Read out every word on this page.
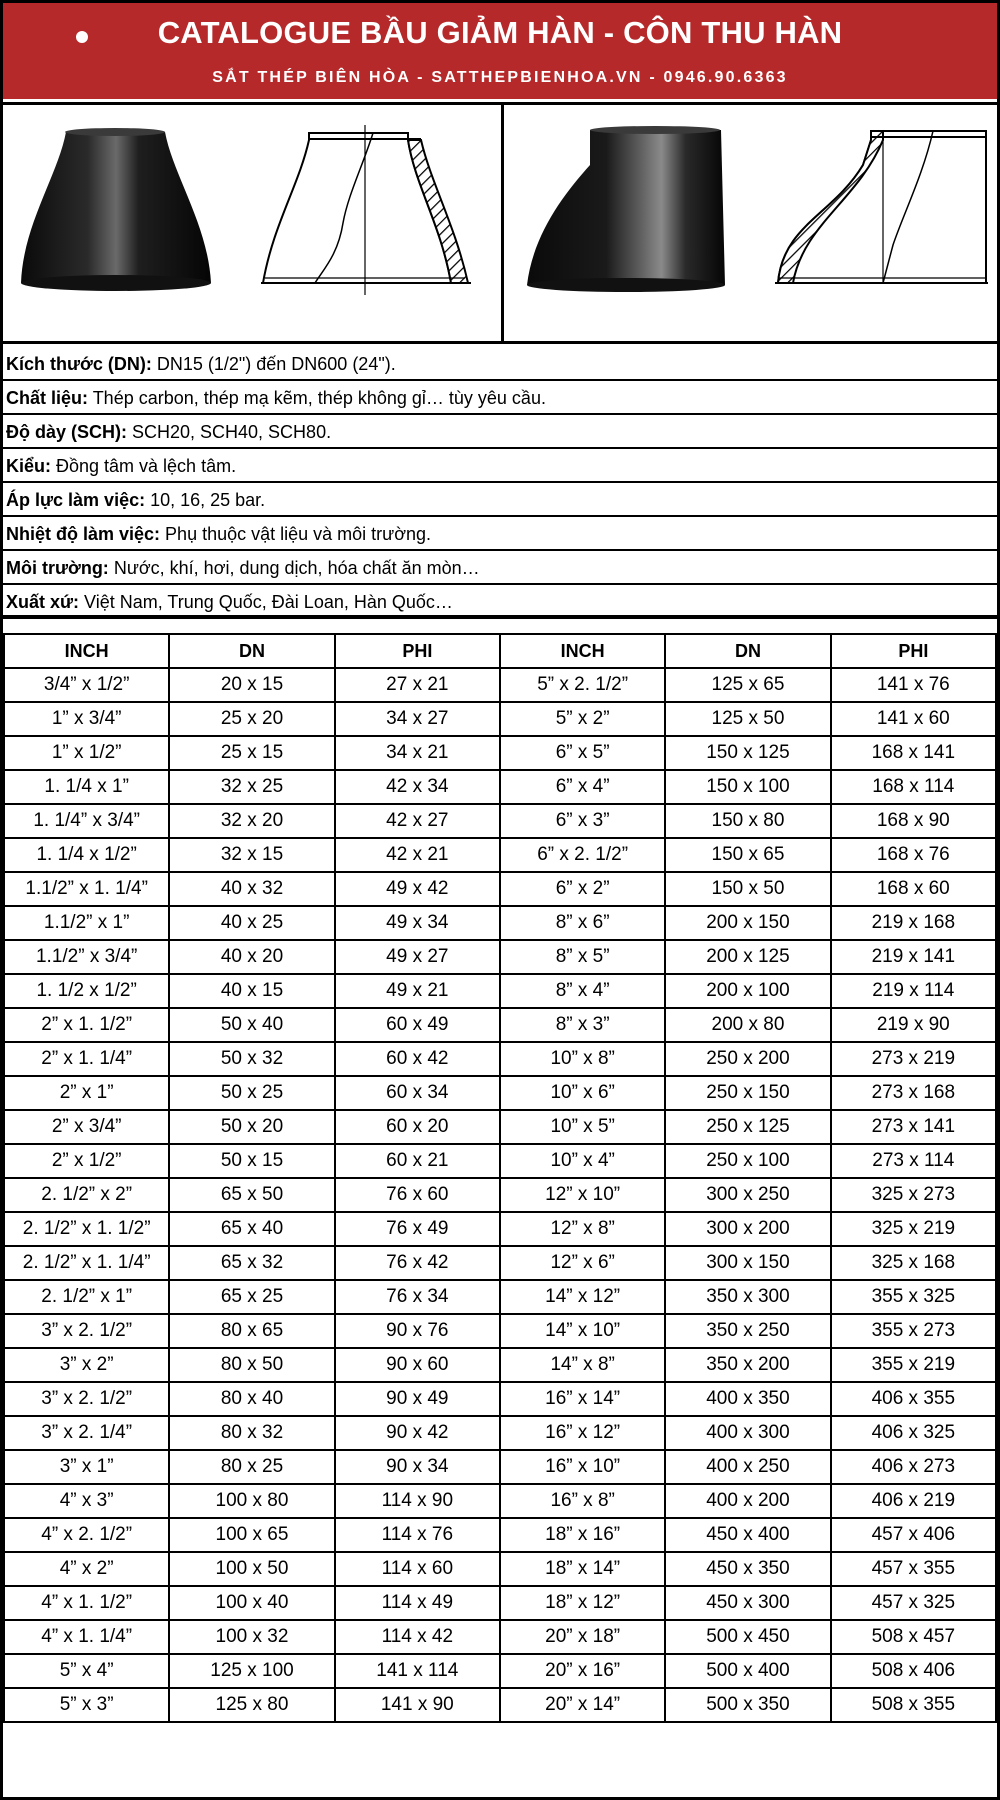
CATALOGUE BẦU GIẢM HÀN - CÔN THU HÀN
SẮT THÉP BIÊN HÒA - SATTHEPBIENHOA.VN - 0946.90.6363
Kích thước (DN): DN15 (1/2") đến DN600 (24").
Chất liệu: Thép carbon, thép mạ kẽm, thép không gỉ… tùy yêu cầu.
Độ dày (SCH): SCH20, SCH40, SCH80.
Kiểu: Đồng tâm và lệch tâm.
Áp lực làm việc: 10, 16, 25 bar.
Nhiệt độ làm việc: Phụ thuộc vật liệu và môi trường.
Môi trường: Nước, khí, hơi, dung dịch, hóa chất ăn mòn…
Xuất xứ: Việt Nam, Trung Quốc, Đài Loan, Hàn Quốc…
INCH	DN	PHI	INCH	DN	PHI
3/4” x 1/2”	20 x 15	27 x 21	5” x 2. 1/2”	125 x 65	141 x 76
1” x 3/4”	25 x 20	34 x 27	5” x 2”	125 x 50	141 x 60
1” x 1/2”	25 x 15	34 x 21	6” x 5”	150 x 125	168 x 141
1. 1/4 x 1”	32 x 25	42 x 34	6” x 4”	150 x 100	168 x 114
1. 1/4” x 3/4”	32 x 20	42 x 27	6” x 3”	150 x 80	168 x 90
1. 1/4 x 1/2”	32 x 15	42 x 21	6” x 2. 1/2”	150 x 65	168 x 76
1.1/2” x 1. 1/4”	40 x 32	49 x 42	6” x 2”	150 x 50	168 x 60
1.1/2” x 1”	40 x 25	49 x 34	8” x 6”	200 x 150	219 x 168
1.1/2” x 3/4”	40 x 20	49 x 27	8” x 5”	200 x 125	219 x 141
1. 1/2 x 1/2”	40 x 15	49 x 21	8” x 4”	200 x 100	219 x 114
2” x 1. 1/2”	50 x 40	60 x 49	8” x 3”	200 x 80	219 x 90
2” x 1. 1/4”	50 x 32	60 x 42	10” x 8”	250 x 200	273 x 219
2” x 1”	50 x 25	60 x 34	10” x 6”	250 x 150	273 x 168
2” x 3/4”	50 x 20	60 x 20	10” x 5”	250 x 125	273 x 141
2” x 1/2”	50 x 15	60 x 21	10” x 4”	250 x 100	273 x 114
2. 1/2” x 2”	65 x 50	76 x 60	12” x 10”	300 x 250	325 x 273
2. 1/2” x 1. 1/2”	65 x 40	76 x 49	12” x 8”	300 x 200	325 x 219
2. 1/2” x 1. 1/4”	65 x 32	76 x 42	12” x 6”	300 x 150	325 x 168
2. 1/2” x 1”	65 x 25	76 x 34	14” x 12”	350 x 300	355 x 325
3” x 2. 1/2”	80 x 65	90 x 76	14” x 10”	350 x 250	355 x 273
3” x 2”	80 x 50	90 x 60	14” x 8”	350 x 200	355 x 219
3” x 2. 1/2”	80 x 40	90 x 49	16” x 14”	400 x 350	406 x 355
3” x 2. 1/4”	80 x 32	90 x 42	16” x 12”	400 x 300	406 x 325
3” x 1”	80 x 25	90 x 34	16” x 10”	400 x 250	406 x 273
4” x 3”	100 x 80	114 x 90	16” x 8”	400 x 200	406 x 219
4” x 2. 1/2”	100 x 65	114 x 76	18” x 16”	450 x 400	457 x 406
4” x 2”	100 x 50	114 x 60	18” x 14”	450 x 350	457 x 355
4” x 1. 1/2”	100 x 40	114 x 49	18” x 12”	450 x 300	457 x 325
4” x 1. 1/4”	100 x 32	114 x 42	20” x 18”	500 x 450	508 x 457
5” x 4”	125 x 100	141 x 114	20” x 16”	500 x 400	508 x 406
5” x 3”	125 x 80	141 x 90	20” x 14”	500 x 350	508 x 355
